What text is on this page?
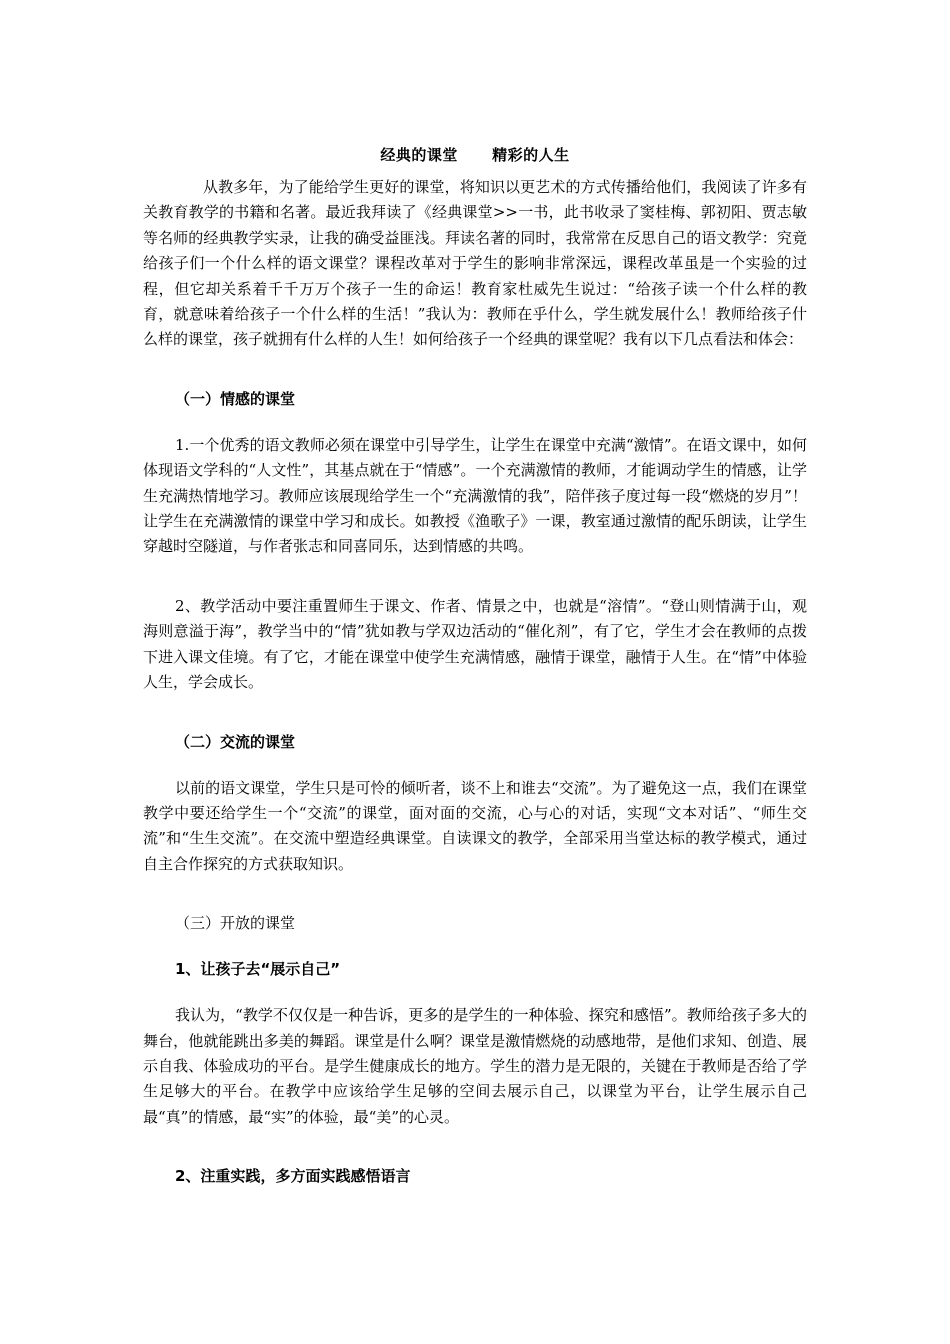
经典的课堂      精彩的人生

从教多年，为了能给学生更好的课堂，将知识以更艺术的方式传播给他们，我阅读了许多有关教育教学的书籍和名著。最近我拜读了《经典课堂>>一书，此书收录了窦桂梅、郭初阳、贾志敏等名师的经典教学实录，让我的确受益匪浅。拜读名著的同时，我常常在反思自己的语文教学：究竟给孩子们一个什么样的语文课堂？课程改革对于学生的影响非常深远，课程改革虽是一个实验的过程，但它却关系着千千万万个孩子一生的命运！教育家杜威先生说过：“给孩子读一个什么样的教育，就意味着给孩子一个什么样的生活！”我认为：教师在乎什么，学生就发展什么！教师给孩子什么样的课堂，孩子就拥有什么样的人生！如何给孩子一个经典的课堂呢？我有以下几点看法和体会：

（一）情感的课堂

1.一个优秀的语文教师必须在课堂中引导学生，让学生在课堂中充满“激情”。在语文课中，如何体现语文学科的“人文性”，其基点就在于“情感”。一个充满激情的教师，才能调动学生的情感，让学生充满热情地学习。教师应该展现给学生一个“充满激情的我”，陪伴孩子度过每一段“燃烧的岁月”！让学生在充满激情的课堂中学习和成长。如教授《渔歌子》一课，教室通过激情的配乐朗读，让学生穿越时空隧道，与作者张志和同喜同乐，达到情感的共鸣。

2、教学活动中要注重置师生于课文、作者、情景之中，也就是“溶情”。“登山则情满于山，观海则意溢于海”，教学当中的“情”犹如教与学双边活动的“催化剂”，有了它，学生才会在教师的点拨下进入课文佳境。有了它，才能在课堂中使学生充满情感，融情于课堂，融情于人生。在“情”中体验人生，学会成长。

（二）交流的课堂

以前的语文课堂，学生只是可怜的倾听者，谈不上和谁去“交流”。为了避免这一点，我们在课堂教学中要还给学生一个“交流”的课堂，面对面的交流，心与心的对话，实现“文本对话”、“师生交流”和“生生交流”。在交流中塑造经典课堂。自读课文的教学，全部采用当堂达标的教学模式，通过自主合作探究的方式获取知识。

（三）开放的课堂
1、让孩子去“展示自己”

我认为，“教学不仅仅是一种告诉，更多的是学生的一种体验、探究和感悟”。教师给孩子多大的舞台，他就能跳出多美的舞蹈。课堂是什么啊？课堂是激情燃烧的动感地带，是他们求知、创造、展示自我、体验成功的平台。是学生健康成长的地方。学生的潜力是无限的，关键在于教师是否给了学生足够大的平台。在教学中应该给学生足够的空间去展示自己，以课堂为平台，让学生展示自己最“真”的情感，最“实”的体验，最“美”的心灵。

2、注重实践，多方面实践感悟语言
